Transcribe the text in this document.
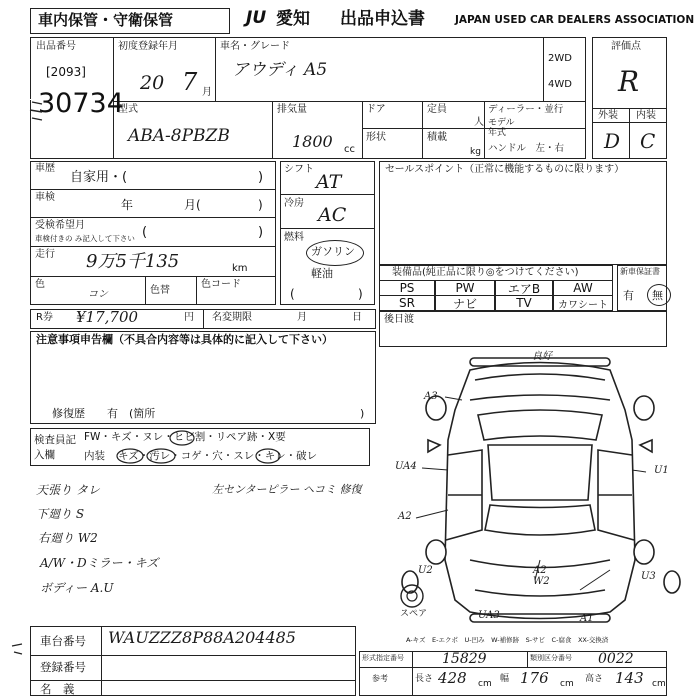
車内保管・守衛保管	JU 愛知 出品申込書	JAPAN USED CAR DEALERS ASSOCIATION
出品番号
[2093]
30734
初度登録年月
20 7 月
車名・グレード
アウディ A5
2WD
4WD
型式
ABA-8PBZB
排気量
1800 cc
ドア
形状
定員
人
積載
kg
ディーラー・並行
モデル年式
ハンドル　左・右
評価点
R
外装 内装
D C
車歴
自家用・(	)
車検
年	月(	)
受検希望月
車検付きの み記入して下さい (	)
走行 9万5千135	km
色
コン	色替
色コード
シフト
AT
冷房
AC
燃料
ガソリン
軽油
(	)
セールスポイント（正常に機能するものに限ります）
装備品(純正品に限り◎をつけてください)
PS	PW	エアB	AW
SR	ナビ	TV	カワシート
新車保証書
有 無
R券 ¥17,700	円 名変期限	月	日 後日渡
注意事項申告欄（不具合内容等は具体的に記入して下さい）
修復歴　　有　(箇所	)
検査員記入欄
FW・キズ・ヌレ・ヒビ割・リペア跡・X要
内装 キズ・汚レ・コゲ・穴・スレ・キレ・破レ
天張り タレ
下廻り S
右廻り W2
A/W・Dミラー・キズ
ボディー A.U
左センターピラー ヘコミ 修復
良好
A3
UA4
A2
U2
U1
A2 W2	U3
UA3	A1
スペア
A-キズ　E-エクボ　U-凹み　W-補修跡　S-サビ　C-腐食　XX-交換済
車台番号 WAUZZZ8P88A204485
登録番号
名　義
形式指定番号	15829	類別区分番号 0022
参考	長さ 428 cm 幅 176 cm 高さ 143 cm
